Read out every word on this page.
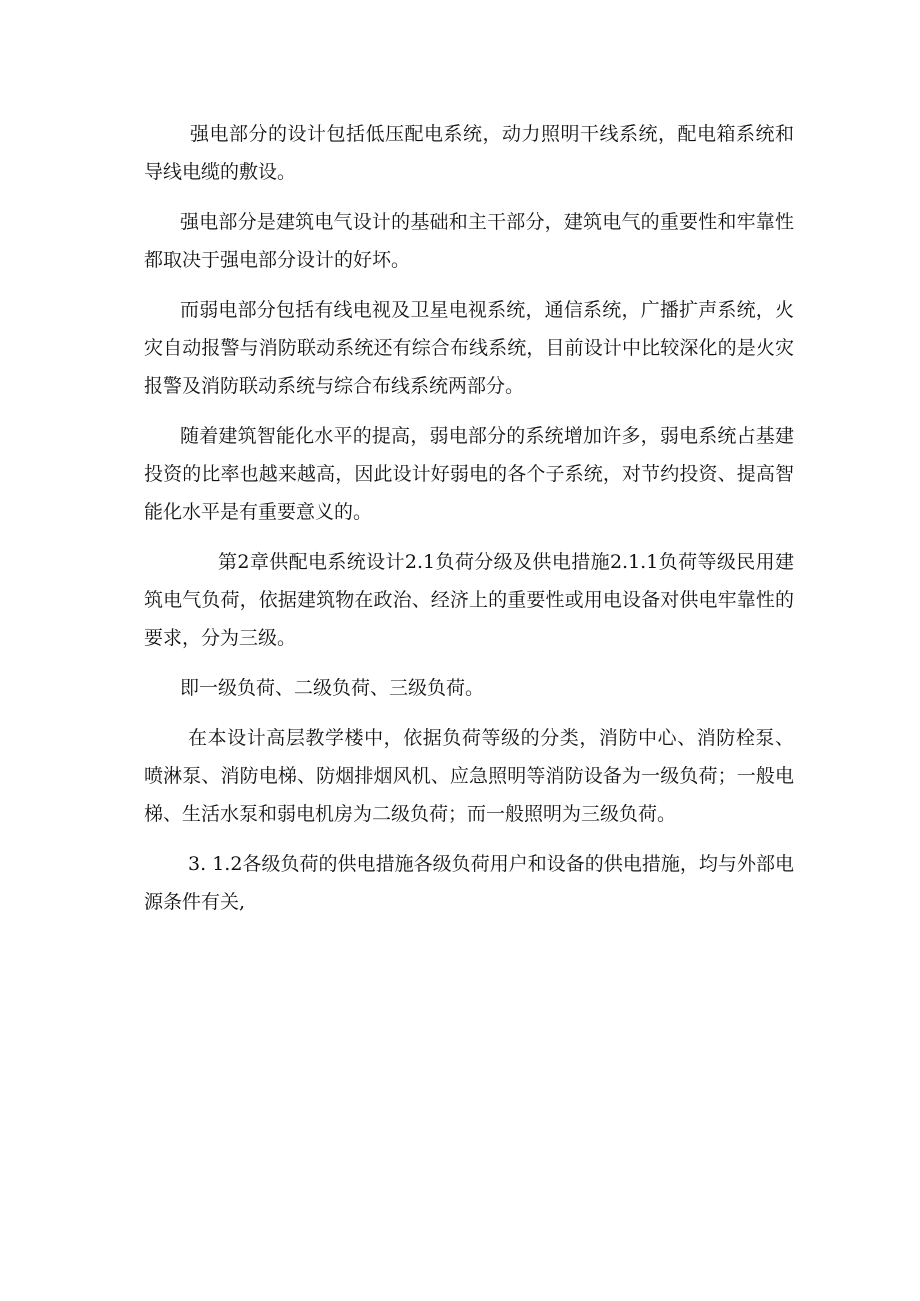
强电部分的设计包括低压配电系统，动力照明干线系统，配电箱系统和导线电缆的敷设。

强电部分是建筑电气设计的基础和主干部分，建筑电气的重要性和牢靠性都取决于强电部分设计的好坏。

而弱电部分包括有线电视及卫星电视系统，通信系统，广播扩声系统，火灾自动报警与消防联动系统还有综合布线系统，目前设计中比较深化的是火灾报警及消防联动系统与综合布线系统两部分。

随着建筑智能化水平的提高，弱电部分的系统增加许多，弱电系统占基建投资的比率也越来越高，因此设计好弱电的各个子系统，对节约投资、提高智能化水平是有重要意义的。

第2章供配电系统设计2.1负荷分级及供电措施2.1.1负荷等级民用建筑电气负荷，依据建筑物在政治、经济上的重要性或用电设备对供电牢靠性的要求，分为三级。

即一级负荷、二级负荷、三级负荷。

在本设计高层教学楼中，依据负荷等级的分类，消防中心、消防栓泵、喷淋泵、消防电梯、防烟排烟风机、应急照明等消防设备为一级负荷；一般电梯、生活水泵和弱电机房为二级负荷；而一般照明为三级负荷。

3. 1.2各级负荷的供电措施各级负荷用户和设备的供电措施，均与外部电源条件有关,
